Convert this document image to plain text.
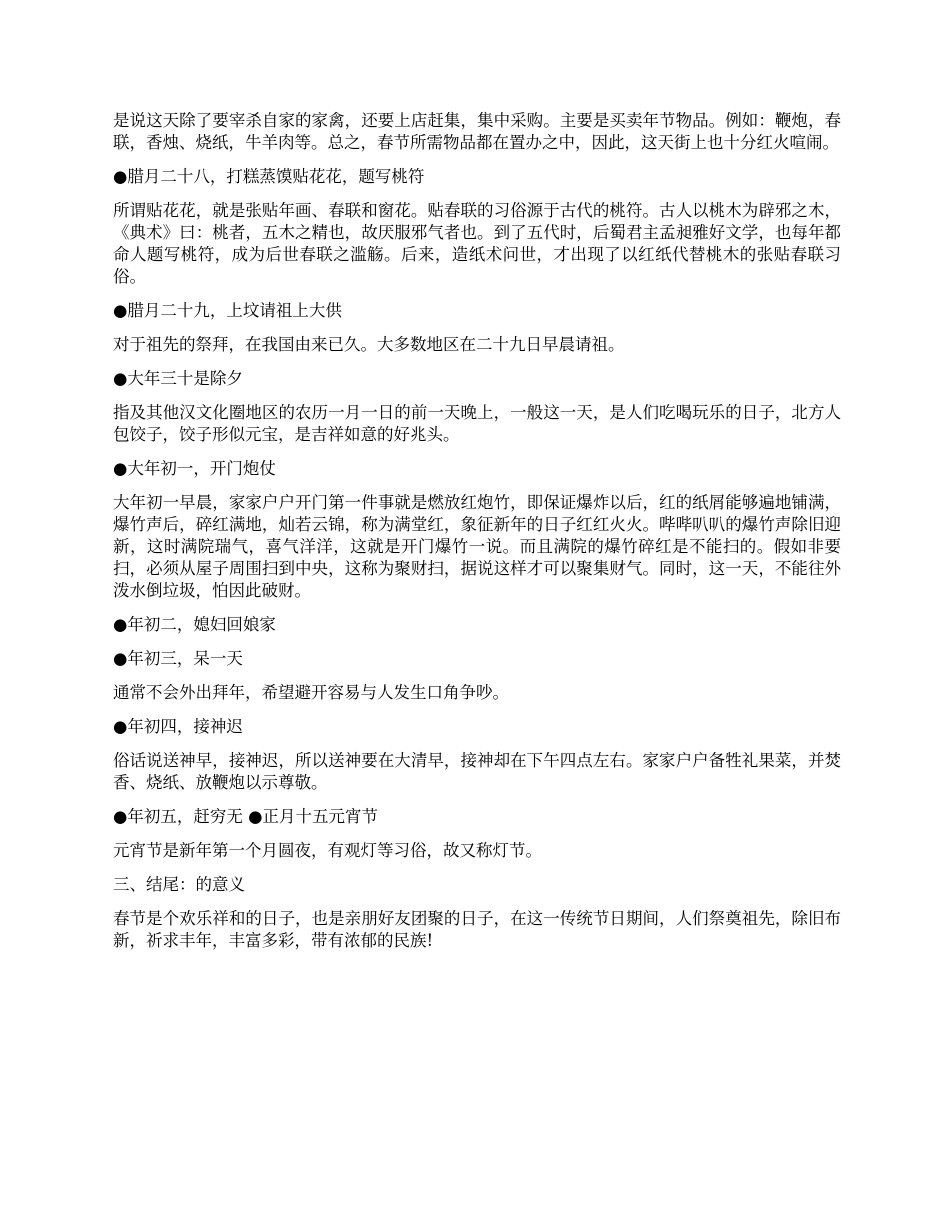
是说这天除了要宰杀自家的家禽，还要上店赶集，集中采购。主要是买卖年节物品。例如：鞭炮，春联，香烛、烧纸，牛羊肉等。总之，春节所需物品都在置办之中，因此，这天街上也十分红火喧闹。

●腊月二十八，打糕蒸馍贴花花，题写桃符

所谓贴花花，就是张贴年画、春联和窗花。贴春联的习俗源于古代的桃符。古人以桃木为辟邪之木，《典术》曰：桃者，五木之精也，故厌服邪气者也。到了五代时，后蜀君主孟昶雅好文学，也每年都命人题写桃符，成为后世春联之滥觞。后来，造纸术问世，才出现了以红纸代替桃木的张贴春联习俗。

●腊月二十九，上坟请祖上大供

对于祖先的祭拜，在我国由来已久。大多数地区在二十九日早晨请祖。

●大年三十是除夕

指及其他汉文化圈地区的农历一月一日的前一天晚上，一般这一天，是人们吃喝玩乐的日子，北方人包饺子，饺子形似元宝，是吉祥如意的好兆头。

●大年初一，开门炮仗

大年初一早晨，家家户户开门第一件事就是燃放红炮竹，即保证爆炸以后，红的纸屑能够遍地铺满，爆竹声后，碎红满地，灿若云锦，称为满堂红，象征新年的日子红红火火。哔哔叭叭的爆竹声除旧迎新，这时满院瑞气，喜气洋洋，这就是开门爆竹一说。而且满院的爆竹碎红是不能扫的。假如非要扫，必须从屋子周围扫到中央，这称为聚财扫，据说这样才可以聚集财气。同时，这一天，不能往外泼水倒垃圾，怕因此破财。

●年初二，媳妇回娘家

●年初三，呆一天

通常不会外出拜年，希望避开容易与人发生口角争吵。

●年初四，接神迟

俗话说送神早，接神迟，所以送神要在大清早，接神却在下午四点左右。家家户户备牲礼果菜，并焚香、烧纸、放鞭炮以示尊敬。

●年初五，赶穷无 ●正月十五元宵节

元宵节是新年第一个月圆夜，有观灯等习俗，故又称灯节。

三、结尾：的意义

春节是个欢乐祥和的日子，也是亲朋好友团聚的日子，在这一传统节日期间，人们祭奠祖先，除旧布新，祈求丰年，丰富多彩，带有浓郁的民族!
